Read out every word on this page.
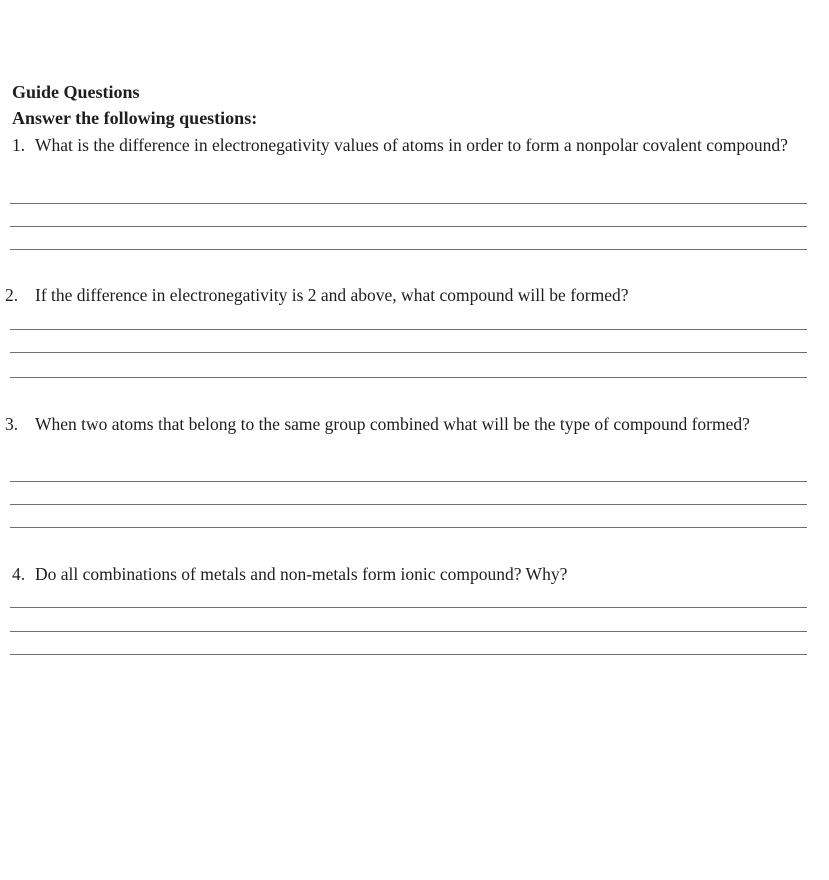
Guide Questions
Answer the following questions:
1. What is the difference in electronegativity values of atoms in order to form a nonpolar covalent compound?
2. If the difference in electronegativity is 2 and above, what compound will be formed?
3. When two atoms that belong to the same group combined what will be the type of compound formed?
4. Do all combinations of metals and non-metals form ionic compound? Why?
